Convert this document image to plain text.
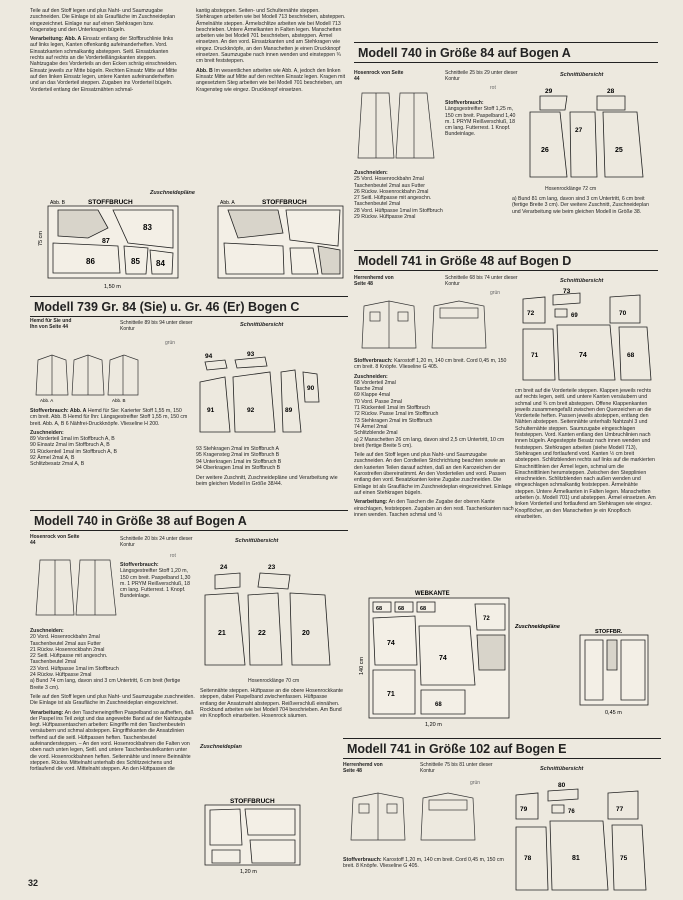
Teile auf den Stoff legen und plus Naht- und Saumzugabe zuschneiden. Die Einlage ist als Graufläche im Zuschneideplan eingezeichnet. Einlage nur auf einen Stehkragen bzw. Kragensteg und den Unterkragen bügeln.

Verarbeitung: Abb. A Einsatz entlang der Stoffbruchlinie links auf links legen, Kanten offenkantig aufeinanderheften. Vord. Einsatzkanten schmalkantig absteppen. Seitl. Einsatzkanten rechts auf rechts an die Vorderteillängskanten steppen. Nahtzugabe des Vorderteils an den Ecken schräg einschneiden. Einsatz jeweils zur Mitte bügeln. Rechten Einsatz Mitte auf Mitte auf den linken Einsatz legen, untere Kanten aufeinanderheften und an das Vorderteil steppen. Zugaben ins Vorderteil bügeln. Vorderteil entlang der Einsatznähten schmal-

kantig absteppen. Seiten- und Schulternähte steppen. Stehkragen arbeiten wie bei Modell 713 beschrieben, absteppen. Ärmelnähte steppen. Ärmelschlitze arbeiten wie bei Modell 713 beschrieben. Untere Ärmelkanten in Falten legen. Manschetten arbeiten wie bei Modell 701 beschrieben, absteppen. Ärmel einsetzen. An den vord. Einsatzkanten und am Stehkragen wie eingez. Druckknöpfe, an den Manschetten je einen Druckknopf einsetzen. Saumzugabe nach innen wenden und einsteppen ¾ cm breit feststeppen.

Abb. B Im wesentlichen arbeiten wie Abb. A, jedoch den linken Einsatz Mitte auf Mitte auf den rechten Einsatz legen. Kragen mit angesetztem Steg arbeiten wie bei Modell 701 beschrieben, am Kragensteg wie eingez. Druckknopf einsetzen.

Zuschneidepläne
75 cm
1,50 m
Abb. B	STOFFBRUCH	Abb. A	STOFFBRUCH
83
87
86	85 84
Modell 739 Gr. 84 (Sie) u. Gr. 46 (Er) Bogen C
Hemd für Sie und Ihn von Seite 44
Schnitteile 89 bis 94 unter dieser Kontur
grün
Schnittübersicht
Abb. A	Abb. B
94	93
91	92	89
90

Stoffverbrauch: Abb. A Hemd für Sie: Karierter Stoff 1,55 m, 150 cm breit. Abb. B Hemd für Ihn: Längsgestreifter Stoff 1,55 m, 150 cm breit. Abb. A, B 6 Nähfrei-Druckknöpfe. Vlieseline H 200.

Zuschneiden:
89 Vorderteil 1mal im Stoffbruch A, B
90 Einsatz 2mal im Stoffbruch A, B
91 Rückenteil 1mal im Stoffbruch A, B
92 Ärmel 2mal A, B
Schlitzbesatz 2mal A, B
93 Stehkragen 2mal im Stoffbruch A
95 Kragensteg 2mal im Stoffbruch B
94 Unterkragen 1mal im Stoffbruch B
94 Oberkragen 1mal im Stoffbruch B

Der weitere Zuschnitt, Zuschneidepläne und Verarbeitung wie beim gleichen Modell in Größe 38/44.

Modell 740 in Größe 38 auf Bogen A
Hosenrock von Seite 44
Schnitteile 20 bis 24 unter dieser Kontur
rot
Schnittübersicht
Stoffverbrauch: Längsgestreifter Stoff 1,20 m, 150 cm breit. Paspelband 1,30 m. 1 PRYM Reißverschluß, 18 cm lang. Futterrest. 1 Knopf. Bundeinlage.
Zuschneiden:
20 Vord. Hosenrockbahn 2mal
Taschenbeutel 2mal aus Futter
21 Rückw. Hosenrockbahn 2mal
22 Seitl. Hüftpasse mit angeschn.
Taschenbeutel 2mal
23 Vord. Hüftpasse 1mal im Stoffbruch
24 Rückw. Hüftpasse 2mal

a) Bund 74 cm lang, davon sind 3 cm Untertritt, 6 cm breit (fertige Breite 3 cm).

Teile auf den Stoff legen und plus Naht- und Saumzugabe zuschneiden. Die Einlage ist als Graufläche im Zuschneideplan eingezeichnet.

Verarbeitung: An den Tascheneingriffen Paspelband so aufheften, daß der Paspel ins Teil zeigt und das angewebte Band auf der Nahtzugabe liegt. Hüftpassentaschen arbeiten: Eingriffe mit den Taschenbeuteln versäubern und schmal absteppen. Eingriffskanten die Ansatzlinien treffend auf die seitl. Hüftpassen heften. Taschenbeutel aufeinandersteppen. – An den vord. Hosenrockbahnen die Falten von oben nach unten legen, Seitl. und untere Taschenbeutelkanten unter die vord. Hosenrockbahnen heften. Seitennähte und innere Beinnähte steppen. Rückw. Mittelnaht unterhalb des Schlitzzeichens und fortlaufend die vord. Mittelnaht steppen. An den Hüftpassen die

24	23
21	22	20
Hosenrocklänge 70 cm
Seitennähte steppen. Hüftpasse an die obere Hosenrockkante steppen, dabei Paspelband zwischenfassen. Hüftpasse entlang der Ansatznaht absteppen. Reißverschluß einnähen. Rockbund arbeiten wie bei Modell 704 beschrieben. Am Bund ein Knopfloch einarbeiten. Hosenrock säumen.
Zuschneideplan
STOFFBRUCH
1,20 m
Modell 740 in Größe 84 auf Bogen A
Hosenrock von Seite 44
Schnitteile 25 bis 29 unter dieser Kontur
rot
Schnittübersicht
Stoffverbrauch: Längsgestreifter Stoff 1,25 m, 150 cm breit. Paspelband 1,40 m. 1 PRYM Reißverschluß, 18 cm lang. Futterrest. 1 Knopf. Bundeinlage.
29	28
27
26	25
Zuschneiden:
25 Vord. Hosenrockbahn 2mal
Taschenbeutel 2mal aus Futter
26 Rückw. Hosenrockbahn 2mal
27 Seitl. Hüftpasse mit angeschn.
Taschenbeutel 2mal
28 Vord. Hüftpasse 1mal im Stoffbruch
29 Rückw. Hüftpasse 2mal
Hosenrocklänge 72 cm
a) Bund 81 cm lang, davon sind 3 cm Untertritt, 6 cm breit (fertige Breite 3 cm). Der weitere Zuschnitt, Zuschneideplan und Verarbeitung wie beim gleichen Modell in Größe 38.
Modell 741 in Größe 48 auf Bogen D
Herrenhemd von Seite 48
Schnitteile 68 bis 74 unter dieser Kontur
grün
Schnittübersicht
72
73
70
69
71	74	68

Stoffverbrauch: Karostoff 1,20 m, 140 cm breit. Cord 0,45 m, 150 cm breit. 8 Knöpfe. Vlieseline G 405.

Zuschneiden:
68 Vorderteil 2mal
Tasche 2mal
69 Klappe 4mal
70 Vord. Passe 2mal
71 Rückenteil 1mal im Stoffbruch
72 Rückw. Passe 1mal im Stoffbruch
73 Stehkragen 2mal im Stoffbruch
74 Ärmel 2mal
Schlitzblende 2mal

a) 2 Manschetten 26 cm lang, davon sind 2,5 cm Untertritt, 10 cm breit (fertige Breite 5 cm).

Teile auf den Stoff legen und plus Naht- und Saumzugabe zuschneiden. An den Cordteilen Strichrichtung beachten sowie an den karierten Teilen darauf achten, daß an den Karozeichen der Karostreifen übereinstimmt. An den Vorderteilen und vord. Passen entlang den vord. Besatzkanten keine Zugabe zuschneiden. Die Einlage ist als Graufläche im Zuschneideplan eingezeichnet. Einlage auf einen Stehkragen bügeln.

Verarbeitung: An den Taschen die Zugabe der oberen Kante einschlagen, feststeppen. Zugaben an den restl. Taschenkanten nach innen wenden. Taschen schmal und ½

cm breit auf die Vorderteile steppen. Klappen jeweils rechts auf rechts legen, seitl. und untere Kanten versäubern und schmal und ¾ cm breit absteppen. Offene Klappenkanten jeweils zusammengefaßt zwischen den Querzeichen an die Vorderteile heften. Passen jeweils absteppen, entlang den Nähten absteppen. Seitennähte unterhalb Nahtzahl 3 und Schulternähte steppen. Saumzugabe eingeschlagen feststeppen. Vord. Kanten entlang den Umbruchlinien nach innen bügeln. Angesteppte Besatz nach innen wenden und feststeppen. Stehkragen arbeiten (siehe Modell 713), Stehkragen und fortlaufend vord. Kanten ½ cm breit absteppen. Schlitzblenden rechts auf links auf die markierten Einschnittlinien der Ärmel legen, schmal um die Einschnittlinien herumsteppen. Zwischen den Stepplinien einschneiden. Schlitzblenden nach außen wenden und eingeschlagen schmalkantig feststeppen. Ärmelnähte steppen. Untere Ärmelkanten in Falten legen. Manschetten arbeiten (s. Modell 701) und absteppen. Ärmel einsetzen. Am linken Vorderteil und fortlaufend am Stehkragen wie eingez. Knopflöcher, an den Manschetten je ein Knopfloch einarbeiten.
WEBKANTE
140 cm
1,20 m
68	68	68
74
74
71
68
72
Zuschneidepläne
STOFFBR.
0,45 m
Modell 741 in Größe 102 auf Bogen E
Herrenhemd von Seite 48
Schnitteile 75 bis 81 unter dieser Kontur
grün
Schnittübersicht
Stoffverbrauch: Karostoff 1,20 m, 140 cm breit. Cord 0,45 m, 150 cm breit. 8 Knöpfe. Vlieseline G 405.
79
80
77
76
78	81	75
32
